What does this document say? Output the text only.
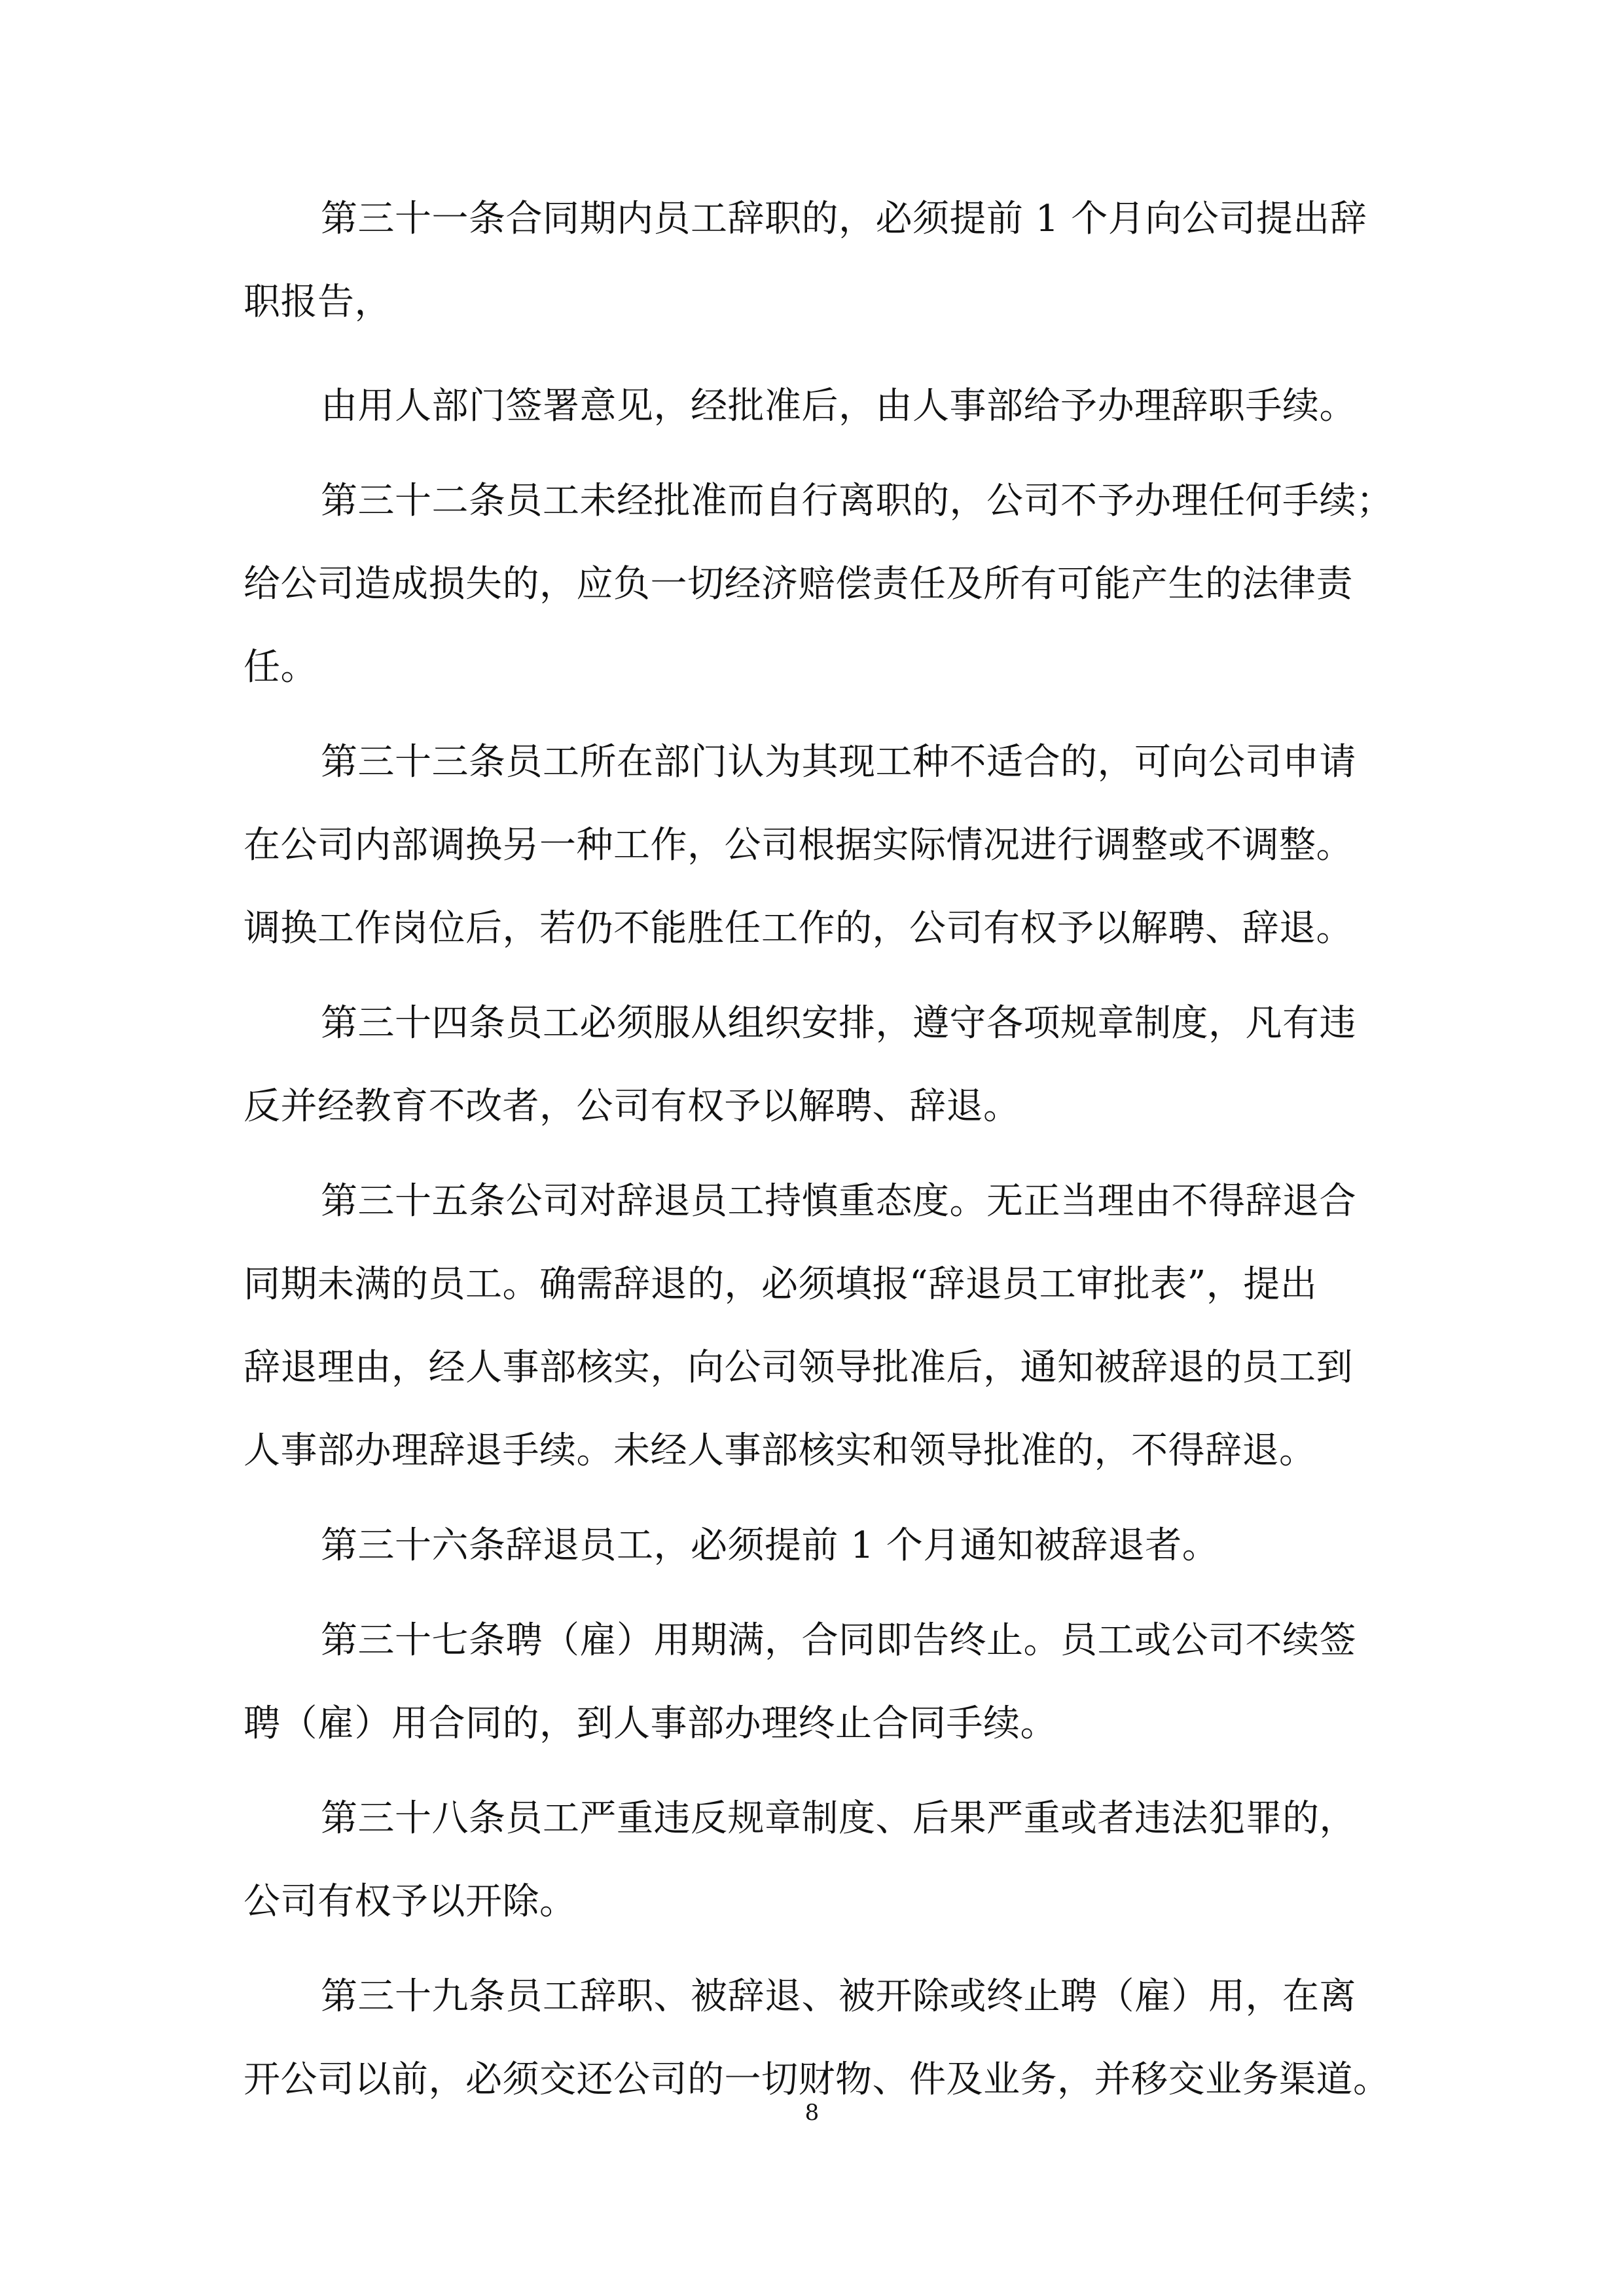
第三十一条合同期内员工辞职的，必须提前 1 个月向公司提出辞
职报告，
由用人部门签署意见，经批准后，由人事部给予办理辞职手续。
第三十二条员工未经批准而自行离职的，公司不予办理任何手续；
给公司造成损失的，应负一切经济赔偿责任及所有可能产生的法律责
任。
第三十三条员工所在部门认为其现工种不适合的，可向公司申请
在公司内部调换另一种工作，公司根据实际情况进行调整或不调整。
调换工作岗位后，若仍不能胜任工作的，公司有权予以解聘、辞退。
第三十四条员工必须服从组织安排，遵守各项规章制度，凡有违
反并经教育不改者，公司有权予以解聘、辞退。
第三十五条公司对辞退员工持慎重态度。无正当理由不得辞退合
同期未满的员工。确需辞退的，必须填报“辞退员工审批表”，提出
辞退理由，经人事部核实，向公司领导批准后，通知被辞退的员工到
人事部办理辞退手续。未经人事部核实和领导批准的，不得辞退。
第三十六条辞退员工，必须提前 1 个月通知被辞退者。
第三十七条聘（雇）用期满，合同即告终止。员工或公司不续签
聘（雇）用合同的，到人事部办理终止合同手续。
第三十八条员工严重违反规章制度、后果严重或者违法犯罪的，
公司有权予以开除。
第三十九条员工辞职、被辞退、被开除或终止聘（雇）用，在离
开公司以前，必须交还公司的一切财物、件及业务，并移交业务渠道。
8
